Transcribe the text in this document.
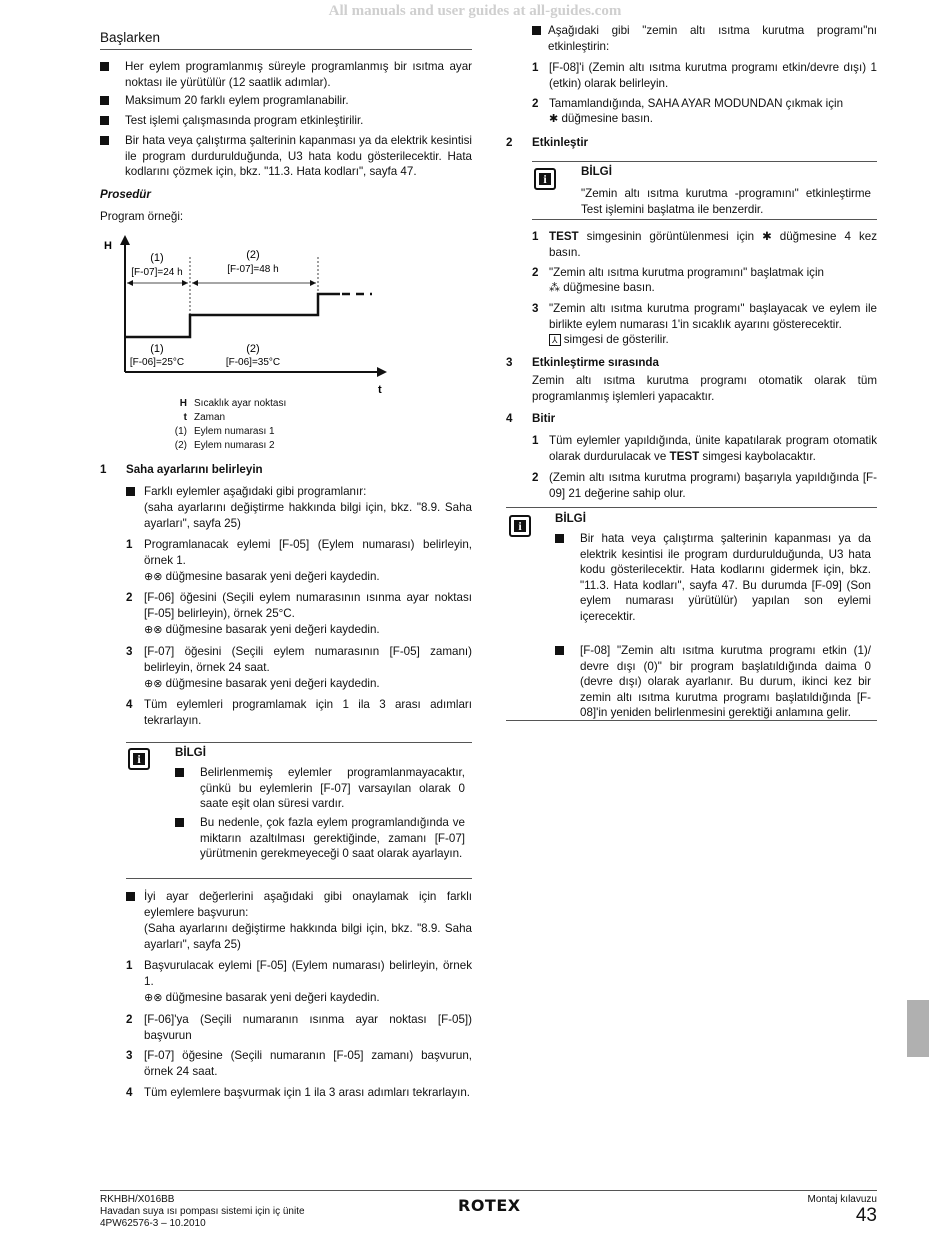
All manuals and user guides at all-guides.com
Başlarken
Her eylem programlanmış süreyle programlanmış bir ısıtma ayar noktası ile yürütülür (12 saatlik adımlar).
Maksimum 20 farklı eylem programlanabilir.
Test işlemi çalışmasında program etkinleştirilir.
Bir hata veya çalıştırma şalterinin kapanması ya da elektrik kesintisi ile program durdurulduğunda, U3 hata kodu gösterilecektir. Hata kodlarını çözmek için, bkz. "11.3. Hata kodları", sayfa 47.
Prosedür
Program örneği:
H
t
(1)
[F-07]=24 h
(2)
[F-07]=48 h
(1)
[F-06]=25°C
(2)
[F-06]=35°C
H Sıcaklık ayar noktası
t Zaman
(1) Eylem numarası 1
(2) Eylem numarası 2
1 Saha ayarlarını belirleyin
Farklı eylemler aşağıdaki gibi programlanır:
(saha ayarlarını değiştirme hakkında bilgi için, bkz. "8.9. Saha ayarları", sayfa 25)
1 Programlanacak eylemi [F-05] (Eylem numarası) belirleyin, örnek 1.
⊕⊗ düğmesine basarak yeni değeri kaydedin.
2 [F-06] öğesini (Seçili eylem numarasının ısınma ayar noktası [F-05] belirleyin), örnek 25°C.
⊕⊗ düğmesine basarak yeni değeri kaydedin.
3 [F-07] öğesini (Seçili eylem numarasının [F-05] zamanı) belirleyin, örnek 24 saat.
⊕⊗ düğmesine basarak yeni değeri kaydedin.
4 Tüm eylemleri programlamak için 1 ila 3 arası adımları tekrarlayın.
i	BİLGİ
Belirlenmemiş eylemler programlanmayacaktır, çünkü bu eylemlerin [F-07] varsayılan olarak 0 saate eşit olan süresi vardır.
Bu nedenle, çok fazla eylem programlandığında ve miktarın azaltılması gerektiğinde, zamanı [F-07] yürütmenin gerekmeyeceği 0 saat olarak ayarlayın.
İyi ayar değerlerini aşağıdaki gibi onaylamak için farklı eylemlere başvurun:
(Saha ayarlarını değiştirme hakkında bilgi için, bkz. "8.9. Saha ayarları", sayfa 25)
1 Başvurulacak eylemi [F-05] (Eylem numarası) belirleyin, örnek 1.
⊕⊗ düğmesine basarak yeni değeri kaydedin.
2 [F-06]'ya (Seçili numaranın ısınma ayar noktası [F-05]) başvurun
3 [F-07] öğesine (Seçili numaranın [F-05] zamanı) başvurun, örnek 24 saat.
4 Tüm eylemlere başvurmak için 1 ila 3 arası adımları tekrarlayın.
Aşağıdaki gibi "zemin altı ısıtma kurutma programı"nı etkinleştirin:
1 [F-08]'i (Zemin altı ısıtma kurutma programı etkin/devre dışı) 1 (etkin) olarak belirleyin.
2 Tamamlandığında, SAHA AYAR MODUNDAN çıkmak için
✱ düğmesine basın.
2 Etkinleştir
i
BİLGİ
"Zemin altı ısıtma kurutma -programını" etkinleştirme Test işlemini başlatma ile benzerdir.
1 TEST simgesinin görüntülenmesi için ✱ düğmesine 4 kez basın.
2 "Zemin altı ısıtma kurutma programını" başlatmak için
⁂ düğmesine basın.
3 "Zemin altı ısıtma kurutma programı" başlayacak ve eylem ile birlikte eylem numarası 1'in sıcaklık ayarını gösterecektir.
⅄ simgesi de gösterilir.
3 Etkinleştirme sırasında
Zemin altı ısıtma kurutma programı otomatik olarak tüm programlanmış işlemleri yapacaktır.
4 Bitir
1 Tüm eylemler yapıldığında, ünite kapatılarak program otomatik olarak durdurulacak ve TEST simgesi kaybolacaktır.
2 (Zemin altı ısıtma kurutma programı) başarıyla yapıldığında [F-09] 21 değerine sahip olur.
i
BİLGİ
Bir hata veya çalıştırma şalterinin kapanması ya da elektrik kesintisi ile program durdurulduğunda, U3 hata kodu gösterilecektir. Hata kodlarını gidermek için, bkz. "11.3. Hata kodları", sayfa 47. Bu durumda [F-09] (Son eylem numarası yürütülür) yapılan son eylemi içerecektir.
[F-08] "Zemin altı ısıtma kurutma programı etkin (1)/ devre dışı (0)" bir program başlatıldığında daima 0 (devre dışı) olarak ayarlanır. Bu durum, ikinci kez bir zemin altı ısıtma kurutma programı başlatıldığında [F-08]'in yeniden belirlenmesini gerektiği anlamına gelir.
RKHBH/X016BB
Havadan suya ısı pompası sistemi için iç ünite
4PW62576-3 – 10.2010
ROTEX	Montaj kılavuzu
43
